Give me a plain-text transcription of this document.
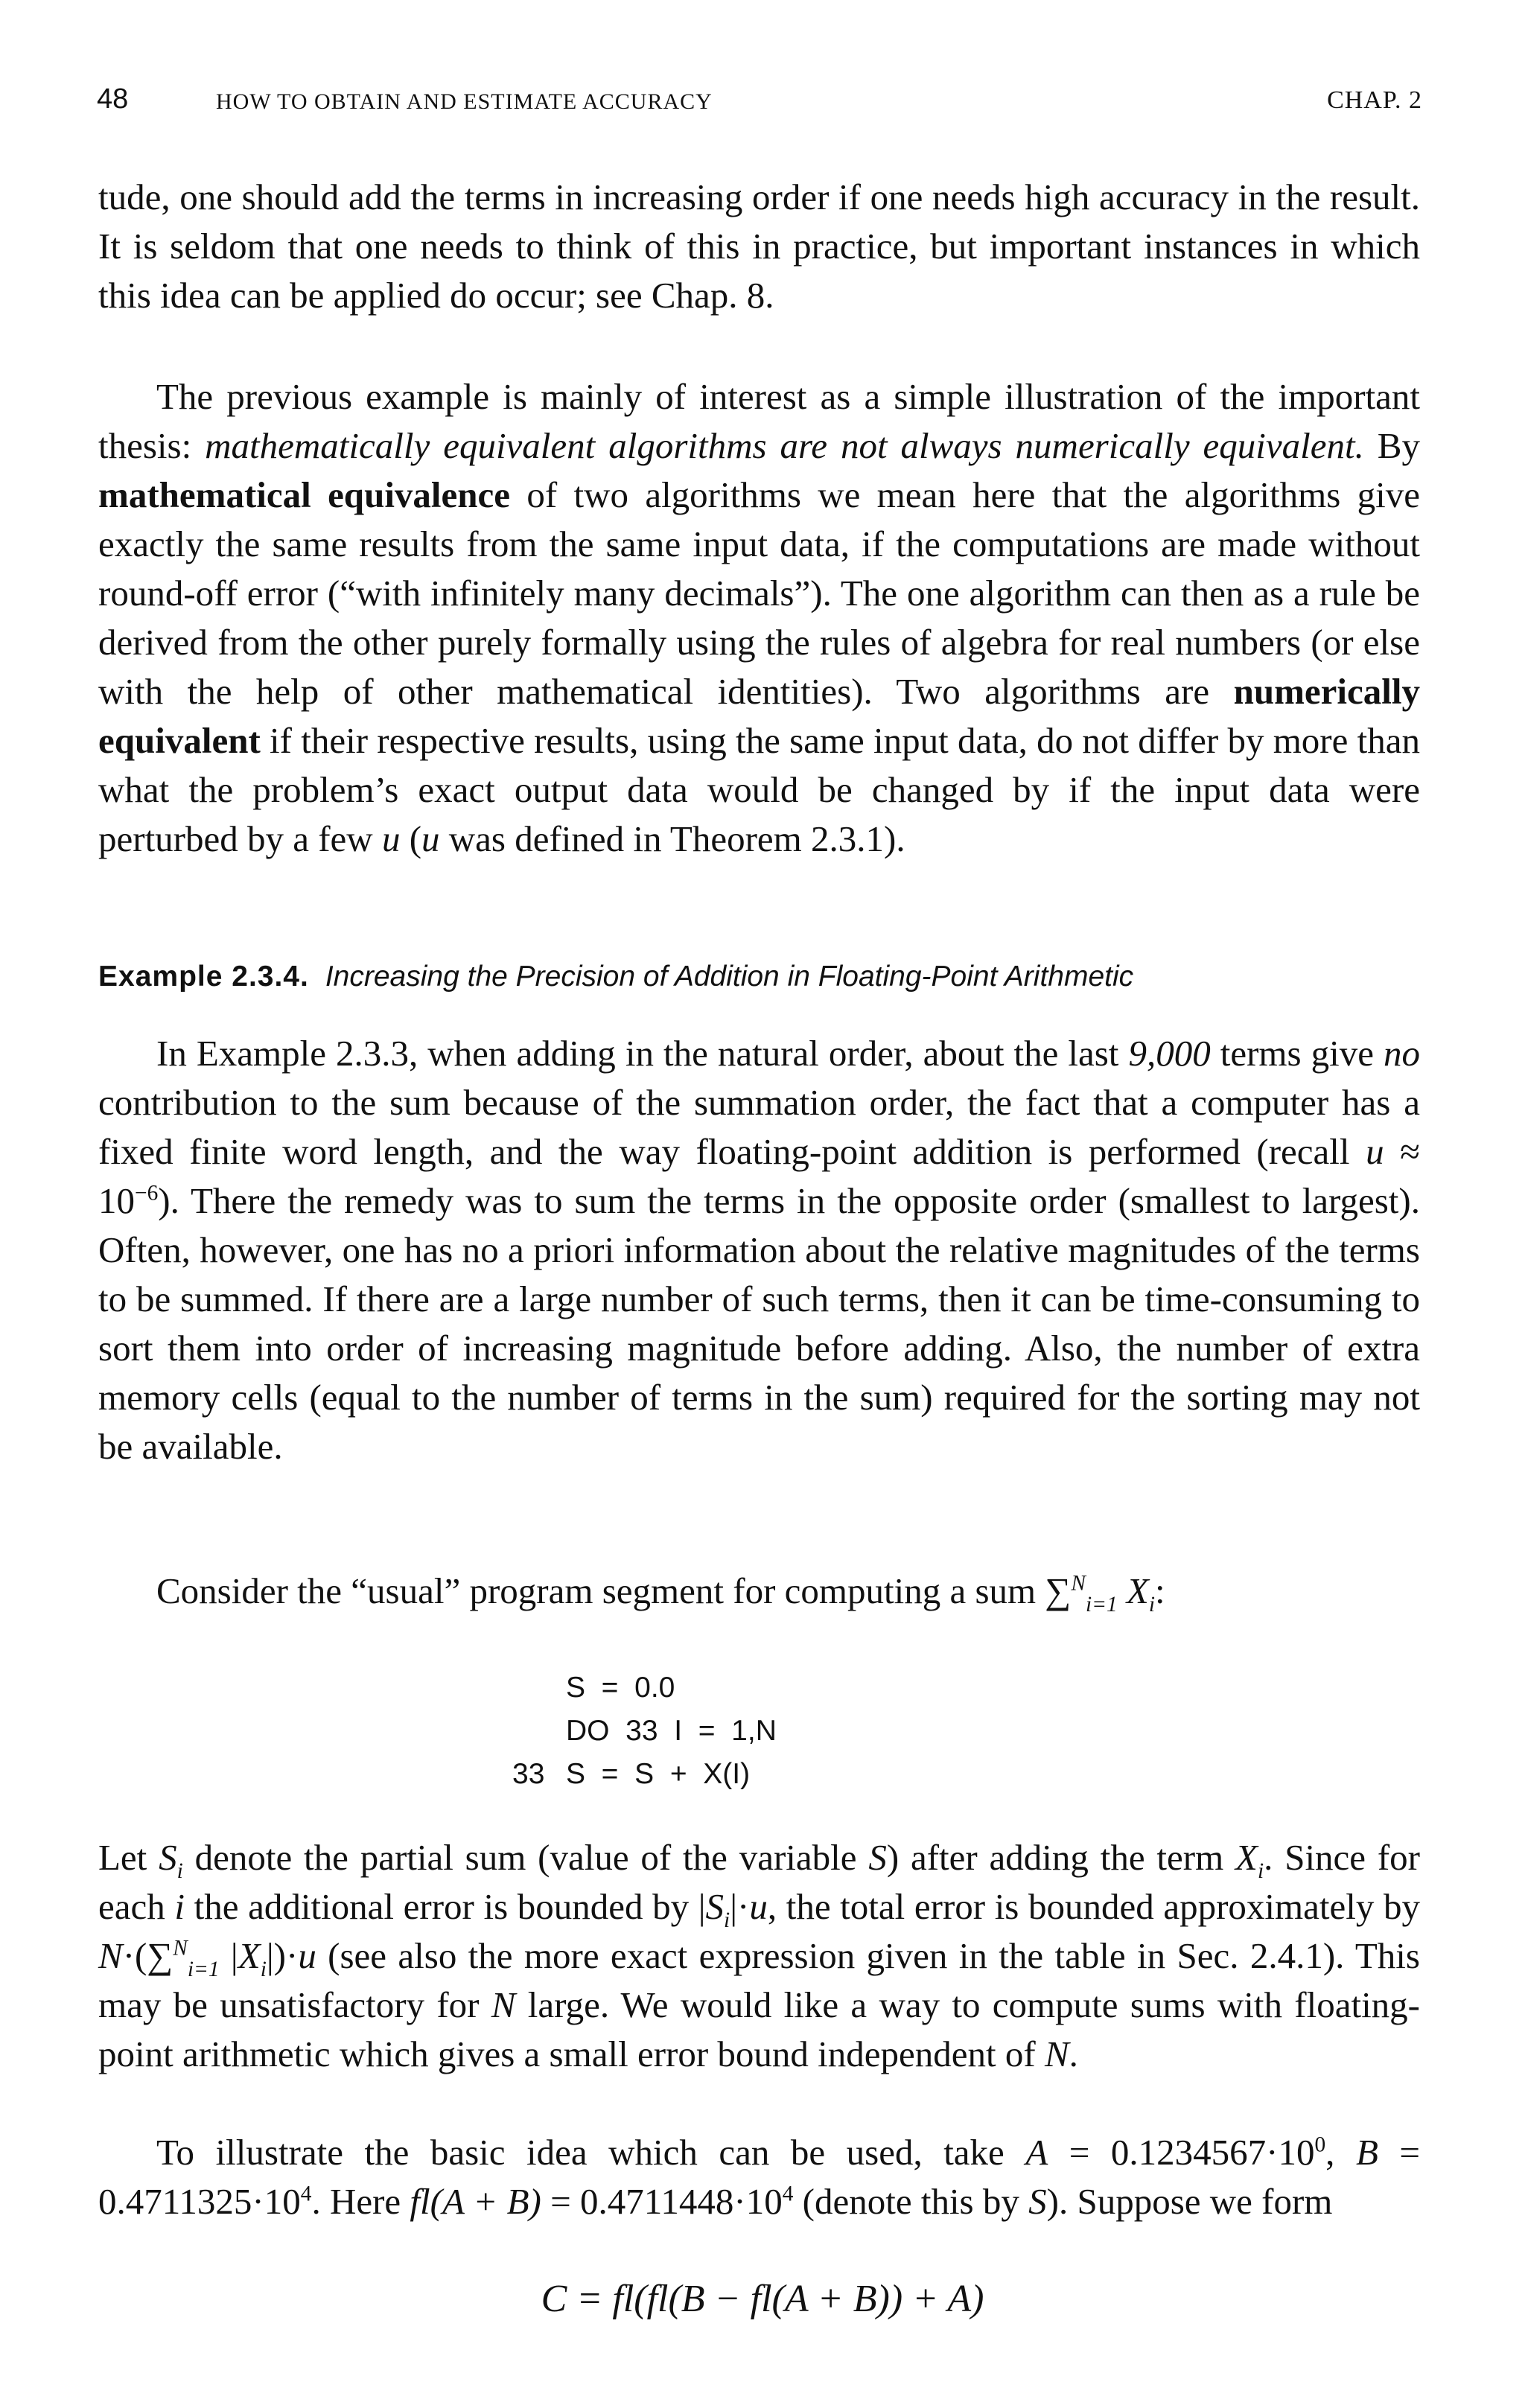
48	HOW TO OBTAIN AND ESTIMATE ACCURACY	CHAP. 2

tude, one should add the terms in increasing order if one needs high accuracy in the result. It is seldom that one needs to think of this in practice, but important instances in which this idea can be applied do occur; see Chap. 8.

The previous example is mainly of interest as a simple illustration of the important thesis: mathematically equivalent algorithms are not always numerically equivalent. By mathematical equivalence of two algorithms we mean here that the algorithms give exactly the same results from the same input data, if the computations are made without round-off error (“with infinitely many decimals”). The one algorithm can then as a rule be derived from the other purely formally using the rules of algebra for real numbers (or else with the help of other mathematical identities). Two algorithms are numerically equivalent if their respective results, using the same input data, do not differ by more than what the problem’s exact output data would be changed by if the input data were perturbed by a few u (u was defined in Theorem 2.3.1).

Example 2.3.4. Increasing the Precision of Addition in Floating-Point Arithmetic

In Example 2.3.3, when adding in the natural order, about the last 9,000 terms give no contribution to the sum because of the summation order, the fact that a computer has a fixed finite word length, and the way floating-point addition is performed (recall $u \approx 10^{-6}$). There the remedy was to sum the terms in the opposite order (smallest to largest). Often, however, one has no a priori information about the relative magnitudes of the terms to be summed. If there are a large number of such terms, then it can be time-consuming to sort them into order of increasing magnitude before adding. Also, the number of extra memory cells (equal to the number of terms in the sum) required for the sorting may not be available.

Consider the “usual” program segment for computing a sum ∑$^N_{i=1}$ $X_i$:

S  =  0.0
DO  33  I  =  1,N
33 S  =  S  +  X(I)

Let $S_i$ denote the partial sum (value of the variable S) after adding the term $X_i$. Since for each i the additional error is bounded by $|S_i|\cdot u$, the total error is bounded approximately by N·(∑$^N_{i=1}$ $|X_i|)\cdot u$ (see also the more exact expression given in the table in Sec. 2.4.1). This may be unsatisfactory for N large. We would like a way to compute sums with floating-point arithmetic which gives a small error bound independent of N.

To illustrate the basic idea which can be used, take $A = 0.1234567\cdot 10^0$, $B = 0.4711325\cdot 10^4$. Here $fl(A + B) = 0.4711448\cdot 10^4$ (denote this by S). Suppose we form

C = fl(fl(B − fl(A + B)) + A)
